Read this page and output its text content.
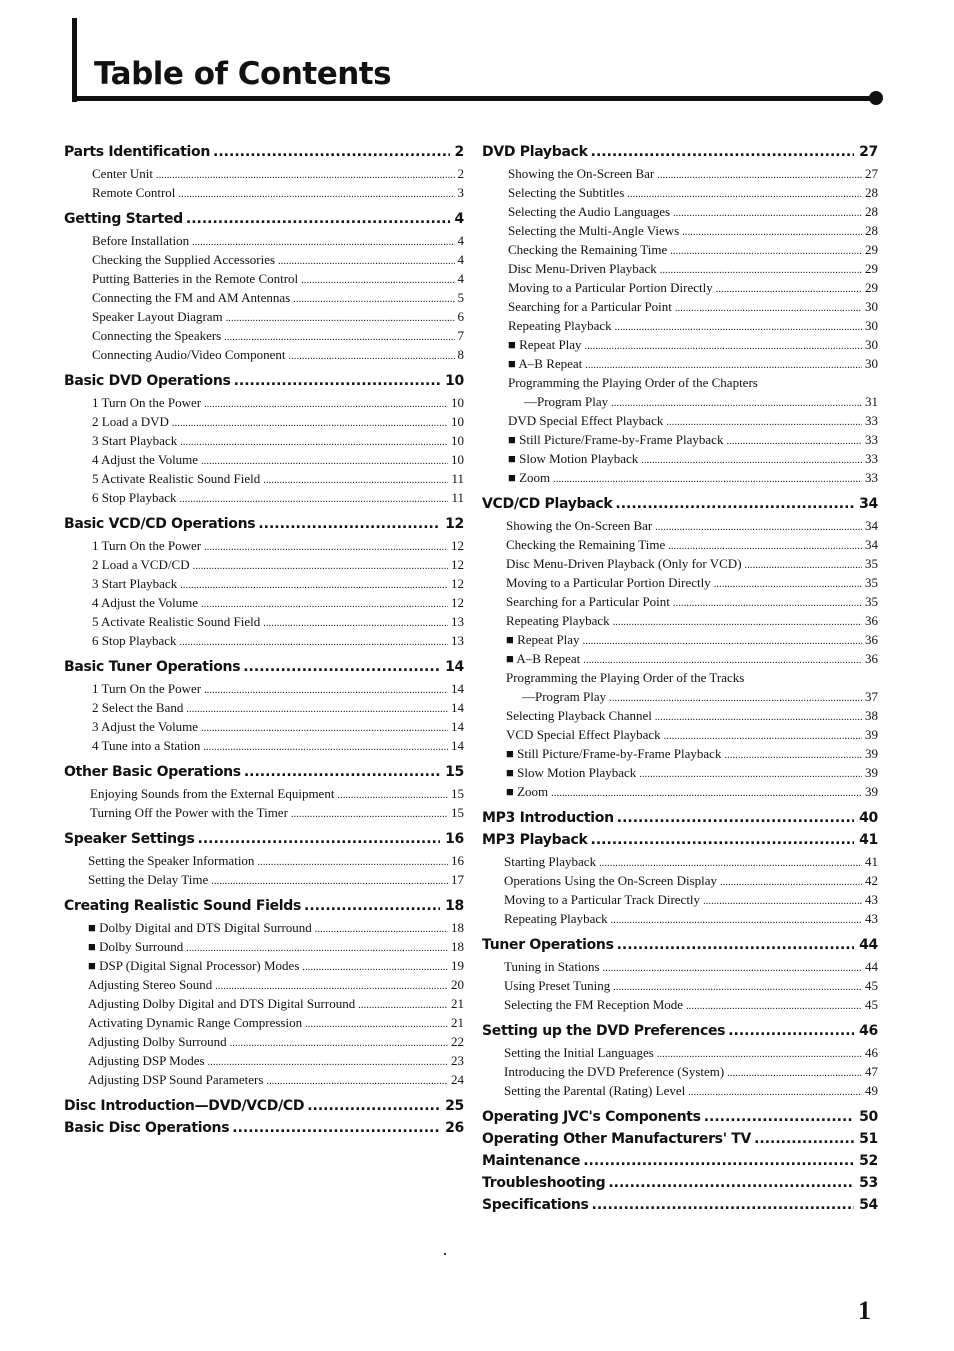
Table of Contents
Parts Identification .....	2
Center Unit .....	2
Remote Control .....	3
Getting Started .....	4
Before Installation .....	4
Checking the Supplied Accessories .....	4
Putting Batteries in the Remote Control .....	4
Connecting the FM and AM Antennas .....	5
Speaker Layout Diagram .....	6
Connecting the Speakers .....	7
Connecting Audio/Video Component .....	8
Basic DVD Operations .....	10
1 Turn On the Power .....	10
2 Load a DVD .....	10
3 Start Playback .....	10
4 Adjust the Volume .....	10
5 Activate Realistic Sound Field .....	11
6 Stop Playback .....	11
Basic VCD/CD Operations .....	12
1 Turn On the Power .....	12
2 Load a VCD/CD .....	12
3 Start Playback .....	12
4 Adjust the Volume .....	12
5 Activate Realistic Sound Field .....	13
6 Stop Playback .....	13
Basic Tuner Operations .....	14
1 Turn On the Power .....	14
2 Select the Band .....	14
3 Adjust the Volume .....	14
4 Tune into a Station .....	14
Other Basic Operations .....	15
Enjoying Sounds from the External Equipment .....	15
Turning Off the Power with the Timer .....	15
Speaker Settings .....	16
Setting the Speaker Information .....	16
Setting the Delay Time .....	17
Creating Realistic Sound Fields .....	18
■ Dolby Digital and DTS Digital Surround .....	18
■ Dolby Surround .....	18
■ DSP (Digital Signal Processor) Modes .....	19
Adjusting Stereo Sound .....	20
Adjusting Dolby Digital and DTS Digital Surround .....	21
Activating Dynamic Range Compression .....	21
Adjusting Dolby Surround .....	22
Adjusting DSP Modes .....	23
Adjusting DSP Sound Parameters .....	24
Disc Introduction—DVD/VCD/CD .....	25
Basic Disc Operations .....	26
DVD Playback .....	27
Showing the On-Screen Bar .....	27
Selecting the Subtitles .....	28
Selecting the Audio Languages .....	28
Selecting the Multi-Angle Views .....	28
Checking the Remaining Time .....	29
Disc Menu-Driven Playback .....	29
Moving to a Particular Portion Directly .....	29
Searching for a Particular Point .....	30
Repeating Playback .....	30
■ Repeat Play .....	30
■ A–B Repeat .....	30
Programming the Playing Order of the Chapters
—Program Play .....	31
DVD Special Effect Playback .....	33
■ Still Picture/Frame-by-Frame Playback .....	33
■ Slow Motion Playback .....	33
■ Zoom .....	33
VCD/CD Playback .....	34
Showing the On-Screen Bar .....	34
Checking the Remaining Time .....	34
Disc Menu-Driven Playback (Only for VCD) .....	35
Moving to a Particular Portion Directly .....	35
Searching for a Particular Point .....	35
Repeating Playback .....	36
■ Repeat Play .....	36
■ A–B Repeat .....	36
Programming the Playing Order of the Tracks
—Program Play .....	37
Selecting Playback Channel .....	38
VCD Special Effect Playback .....	39
■ Still Picture/Frame-by-Frame Playback .....	39
■ Slow Motion Playback .....	39
■ Zoom .....	39
MP3 Introduction .....	40
MP3 Playback .....	41
Starting Playback .....	41
Operations Using the On-Screen Display .....	42
Moving to a Particular Track Directly .....	43
Repeating Playback .....	43
Tuner Operations .....	44
Tuning in Stations .....	44
Using Preset Tuning .....	45
Selecting the FM Reception Mode .....	45
Setting up the DVD Preferences .....	46
Setting the Initial Languages .....	46
Introducing the DVD Preference (System) .....	47
Setting the Parental (Rating) Level .....	49
Operating JVC's Components .....	50
Operating Other Manufacturers' TV .....	51
Maintenance .....	52
Troubleshooting .....	53
Specifications .....	54

1
